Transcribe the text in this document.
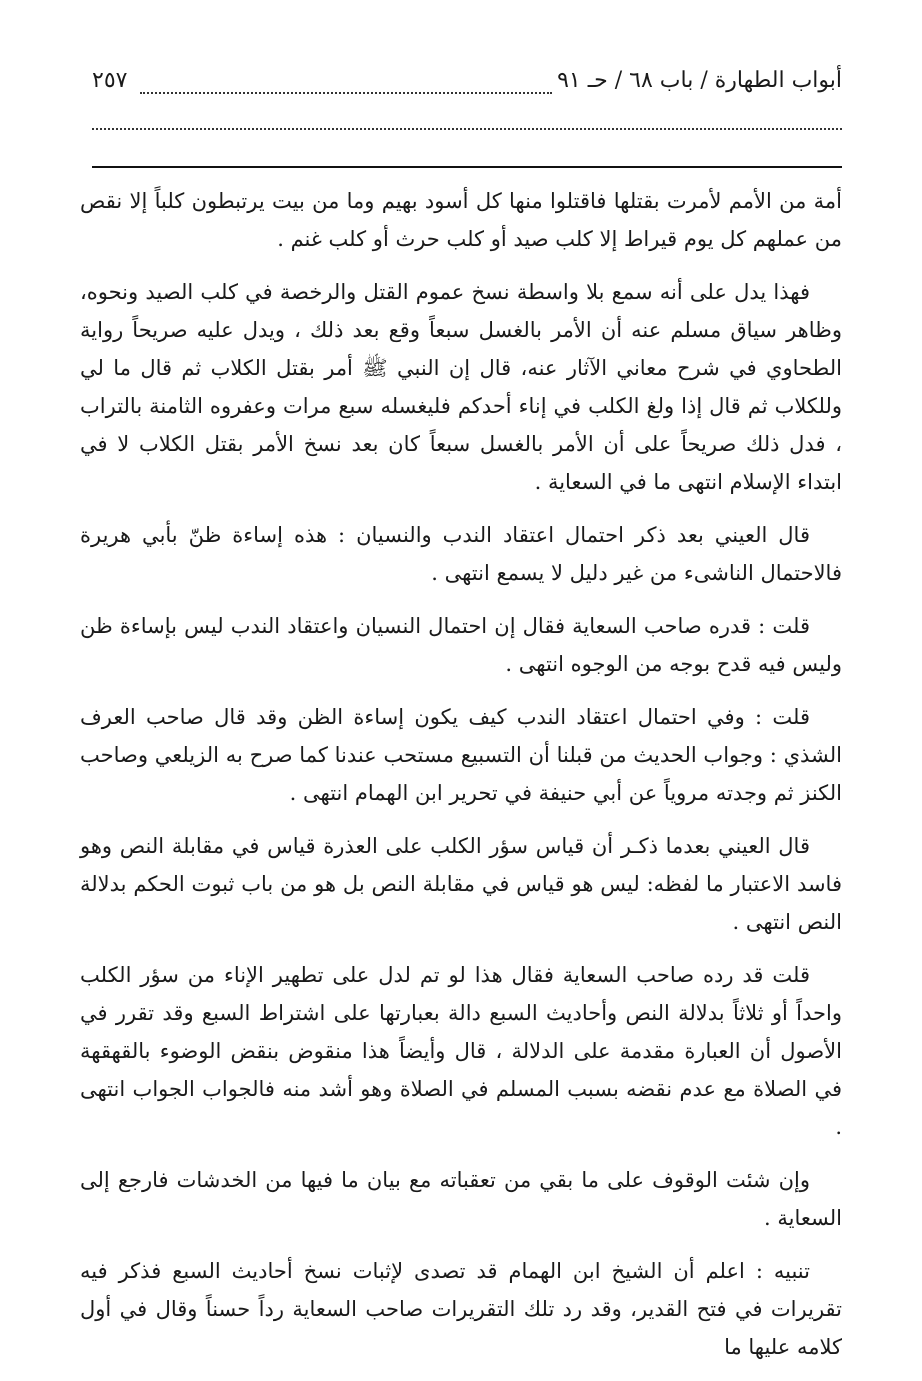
أبواب الطهارة / باب ٦٨ / حـ ٩١
٢٥٧

أمة من الأمم لأمرت بقتلها فاقتلوا منها كل أسود بهيم وما من بيت يرتبطون كلباً إلا نقص من عملهم كل يوم قيراط إلا كلب صيد أو كلب حرث أو كلب غنم .

فهذا يدل على أنه سمع بلا واسطة نسخ عموم القتل والرخصة في كلب الصيد ونحوه، وظاهر سياق مسلم عنه أن الأمر بالغسل سبعاً وقع بعد ذلك ، ويدل عليه صريحاً رواية الطحاوي في شرح معاني الآثار عنه، قال إن النبي ﷺ أمر بقتل الكلاب ثم قال ما لي وللكلاب ثم قال إذا ولغ الكلب في إناء أحدكم فليغسله سبع مرات وعفروه الثامنة بالتراب ، فدل ذلك صريحاً على أن الأمر بالغسل سبعاً كان بعد نسخ الأمر بقتل الكلاب لا في ابتداء الإسلام انتهى ما في السعاية .

قال العيني بعد ذكر احتمال اعتقاد الندب والنسيان : هذه إساءة ظنّ بأبي هريرة فالاحتمال الناشىء من غير دليل لا يسمع انتهى .

قلت : قدره صاحب السعاية فقال إن احتمال النسيان واعتقاد الندب ليس بإساءة ظن وليس فيه قدح بوجه من الوجوه انتهى .

قلت : وفي احتمال اعتقاد الندب كيف يكون إساءة الظن وقد قال صاحب العرف الشذي : وجواب الحديث من قبلنا أن التسبيع مستحب عندنا كما صرح به الزيلعي وصاحب الكنز ثم وجدته مروياً عن أبي حنيفة في تحرير ابن الهمام انتهى .

قال العيني بعدما ذكـر أن قياس سؤر الكلب على العذرة قياس في مقابلة النص وهو فاسد الاعتبار ما لفظه: ليس هو قياس في مقابلة النص بل هو من باب ثبوت الحكم بدلالة النص انتهى .

قلت قد رده صاحب السعاية فقال هذا لو تم لدل على تطهير الإناء من سؤر الكلب واحداً أو ثلاثاً بدلالة النص وأحاديث السبع دالة بعبارتها على اشتراط السبع وقد تقرر في الأصول أن العبارة مقدمة على الدلالة ، قال وأيضاً هذا منقوض بنقض الوضوء بالقهقهة في الصلاة مع عدم نقضه بسبب المسلم في الصلاة وهو أشد منه فالجواب الجواب انتهى .

وإن شئت الوقوف على ما بقي من تعقباته مع بيان ما فيها من الخدشات فارجع إلى السعاية .

تنبيه : اعلم أن الشيخ ابن الهمام قد تصدى لإثبات نسخ أحاديث السبع فذكر فيه تقريرات في فتح القدير، وقد رد تلك التقريرات صاحب السعاية رداً حسناً وقال في أول كلامه عليها ما
